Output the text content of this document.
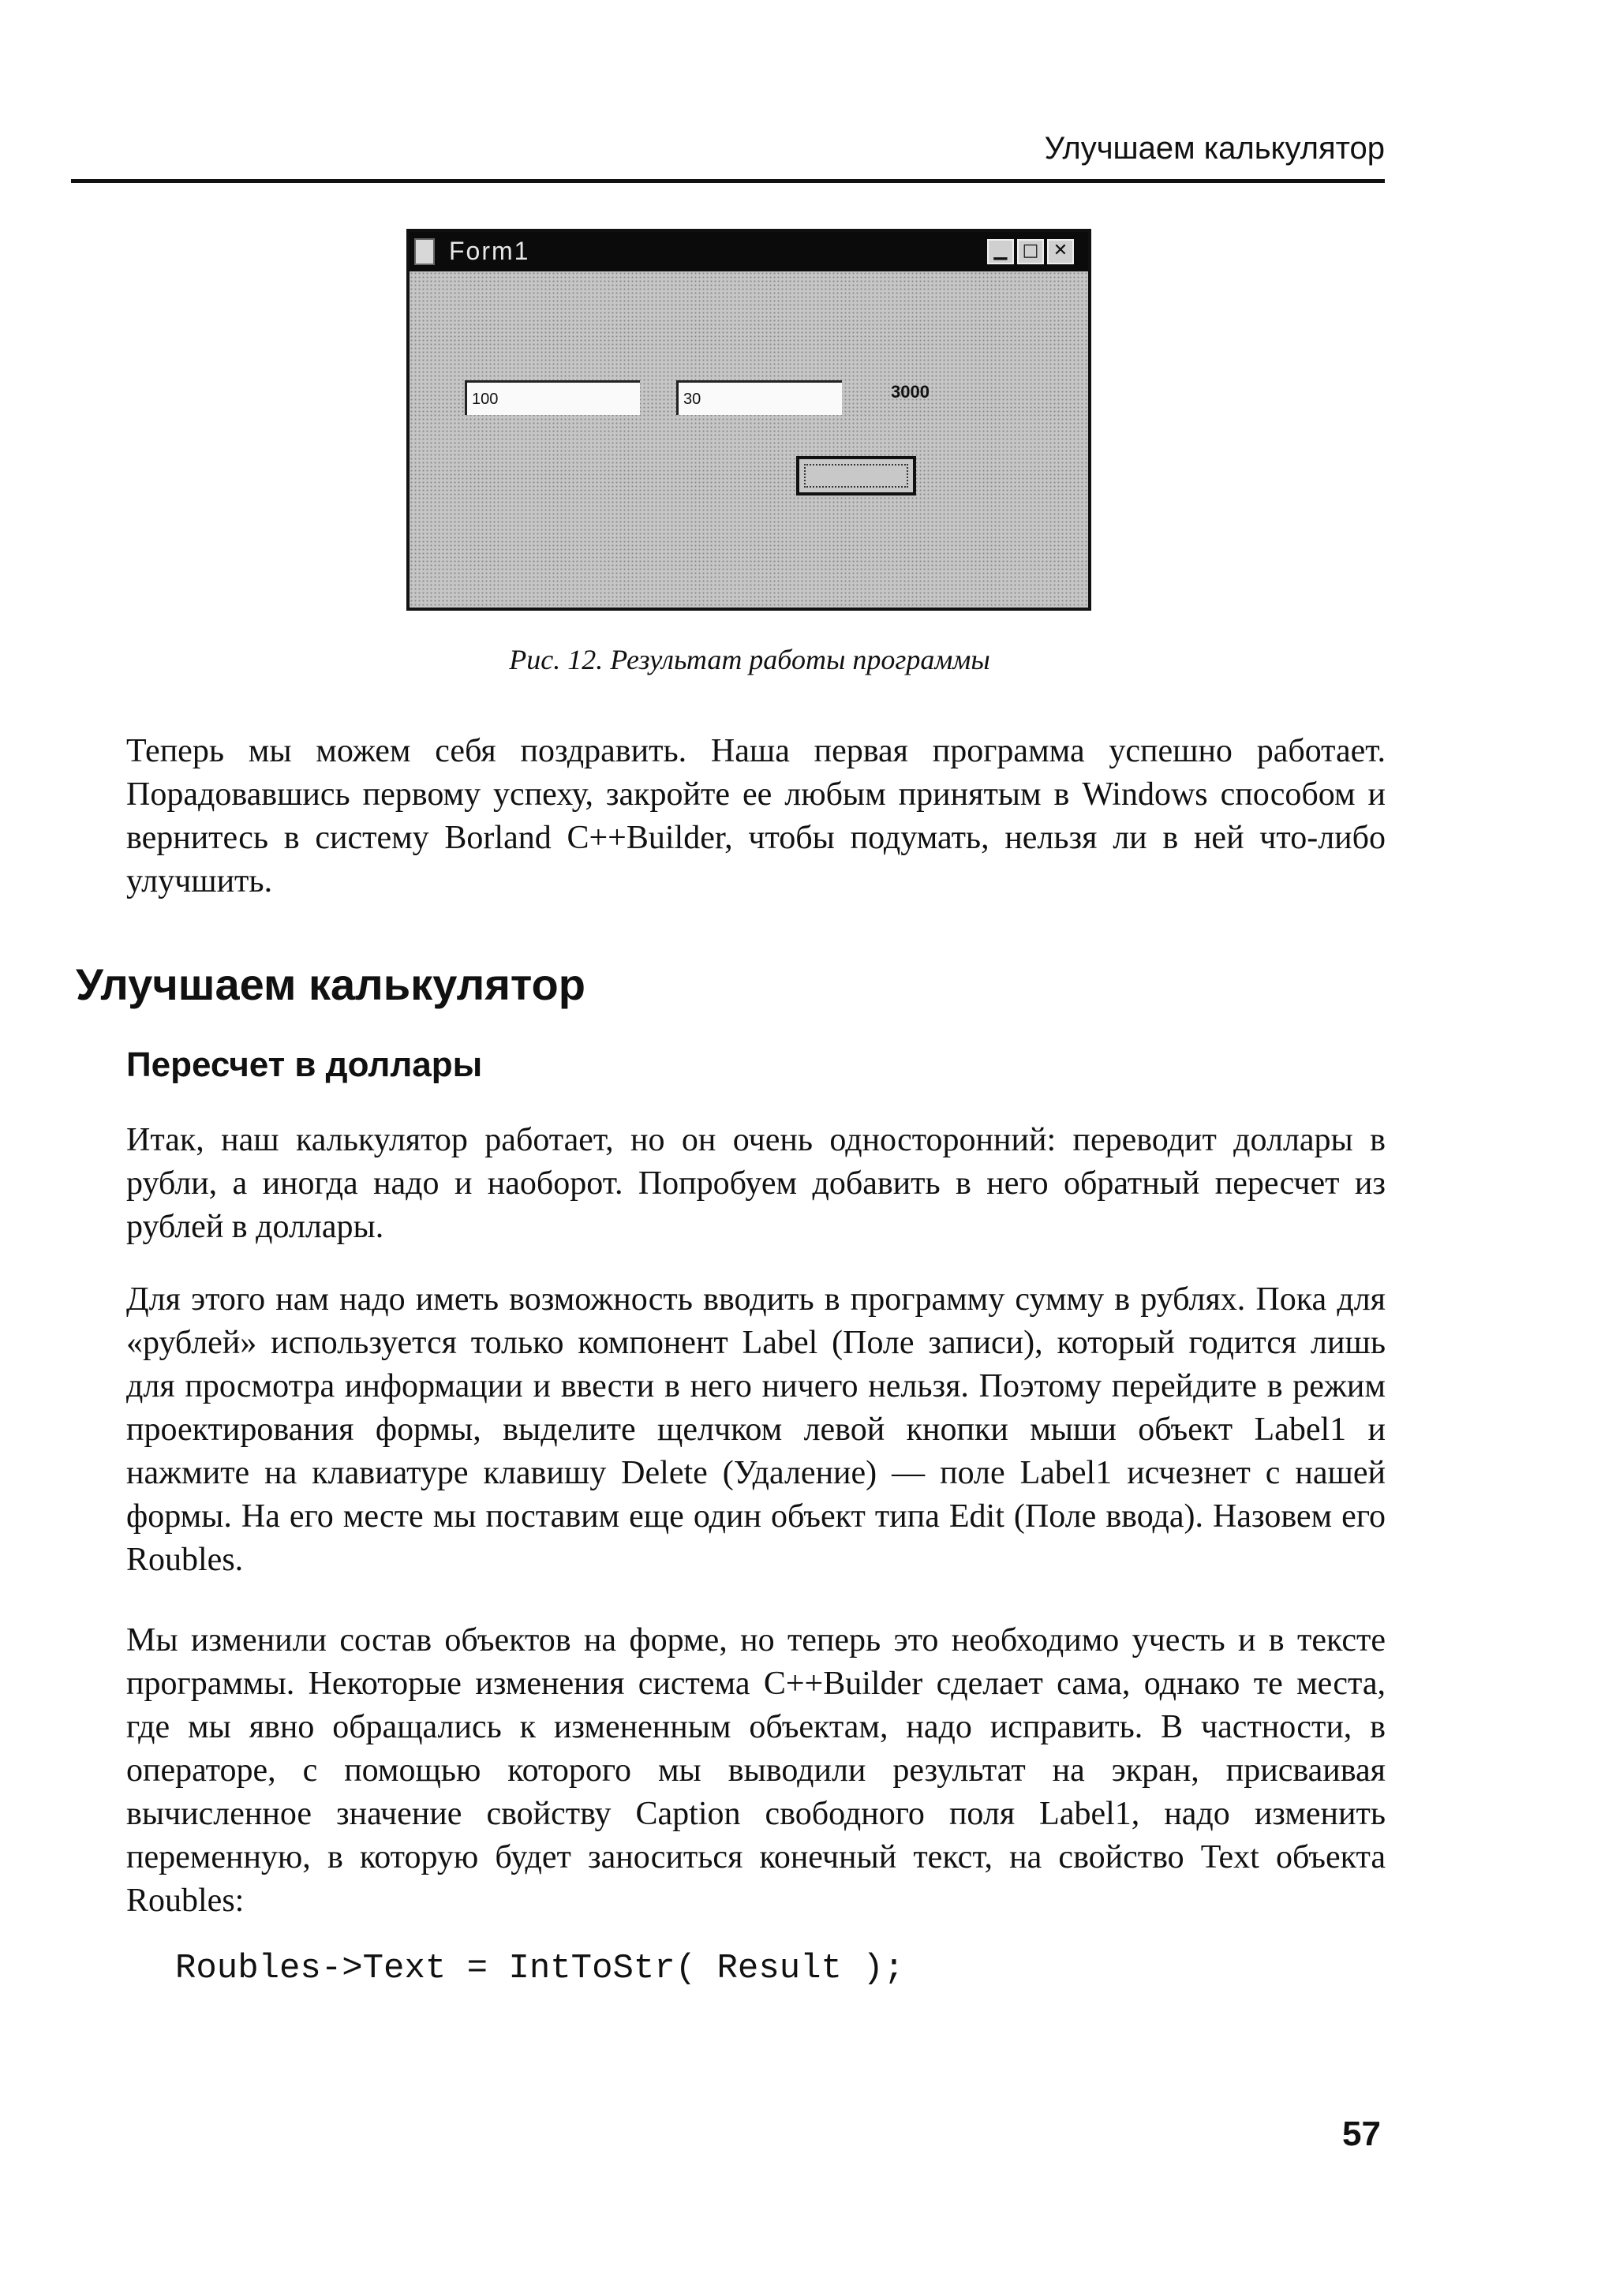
Улучшаем калькулятор
Form1	▁ □ ✕
100	30	3000
Рис. 12. Результат работы программы

Теперь мы можем себя поздравить. Наша первая программа успешно работает. Порадовавшись первому успеху, закройте ее любым принятым в Windows способом и вернитесь в систему Borland C++Builder, чтобы подумать, нельзя ли в ней что-либо улучшить.

Улучшаем калькулятор
Пересчет в доллары

Итак, наш калькулятор работает, но он очень односторонний: переводит доллары в рубли, а иногда надо и наоборот. Попробуем добавить в него обратный пересчет из рублей в доллары.

Для этого нам надо иметь возможность вводить в программу сумму в рублях. Пока для «рублей» используется только компонент Label (Поле записи), который годится лишь для просмотра информации и ввести в него ничего нельзя. Поэтому перейдите в режим проектирования формы, выделите щелчком левой кнопки мыши объект Label1 и нажмите на клавиатуре клавишу Delete (Удаление) — поле Label1 исчезнет с нашей формы. На его месте мы поставим еще один объект типа Edit (Поле ввода). Назовем его Roubles.

Мы изменили состав объектов на форме, но теперь это необходимо учесть и в тексте программы. Некоторые изменения система C++Builder сделает сама, однако те места, где мы явно обращались к измененным объектам, надо исправить. В частности, в операторе, с помощью которого мы выводили результат на экран, присваивая вычисленное значение свойству Caption свободного поля Label1, надо изменить переменную, в которую будет заноситься конечный текст, на свойство Text объекта Roubles:

Roubles->Text = IntToStr( Result );
57
